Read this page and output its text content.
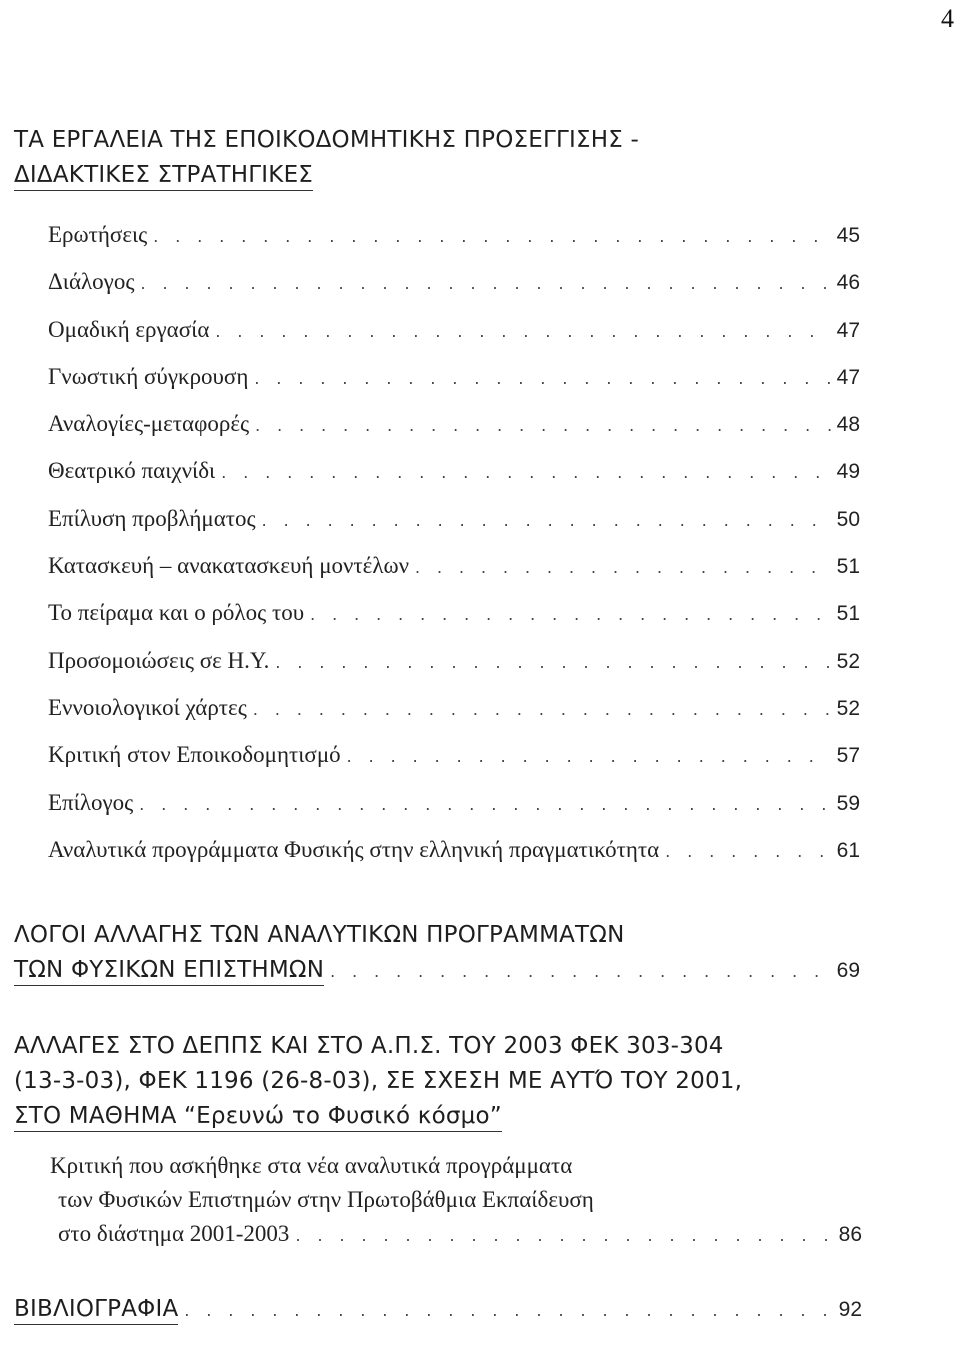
4
ΤΑ ΕΡΓΑΛΕΙΑ ΤΗΣ ΕΠΟΙΚΟΔΟΜΗΤΙΚΗΣ ΠΡΟΣΕΓΓΙΣΗΣ -
ΔΙΔΑΚΤΙΚΕΣ ΣΤΡΑΤΗΓΙΚΕΣ
Ερωτήσεις . . .	45
Διάλογος . . .	46
Ομαδική εργασία . . .	47
Γνωστική σύγκρουση . . .	47
Αναλογίες-μεταφορές . . .	48
Θεατρικό παιχνίδι . . .	49
Επίλυση προβλήματος . . .	50
Κατασκευή – ανακατασκευή μοντέλων . . .	51
Το πείραμα και ο ρόλος του . . .	51
Προσομοιώσεις σε Η.Υ. . . .	52
Εννοιολογικοί χάρτες . . .	52
Κριτική στον Εποικοδομητισμό . . .	57
Επίλογος . . .	59
Αναλυτικά προγράμματα Φυσικής στην ελληνική πραγματικότητα . . .	61
ΛΟΓΟΙ ΑΛΛΑΓΗΣ ΤΩΝ ΑΝΑΛΥΤΙΚΩΝ ΠΡΟΓΡΑΜΜΑΤΩΝ
ΤΩΝ ΦΥΣΙΚΩΝ ΕΠΙΣΤΗΜΩΝ . . .	69
ΑΛΛΑΓΕΣ ΣΤΟ ΔΕΠΠΣ ΚΑΙ ΣΤΟ Α.Π.Σ. ΤΟΥ 2003 ΦΕΚ 303-304
(13-3-03), ΦΕΚ 1196 (26-8-03), ΣΕ ΣΧΕΣΗ ΜΕ ΑΥΤΌ ΤΟΥ 2001,
ΣΤΟ ΜΑΘΗΜΑ “Ερευνώ το Φυσικό κόσμο”
Κριτική που ασκήθηκε στα νέα αναλυτικά προγράμματα
των Φυσικών Επιστημών στην Πρωτοβάθμια Εκπαίδευση
στο διάστημα 2001-2003 . . .	86
ΒΙΒΛΙΟΓΡΑΦΙΑ . . .	92
